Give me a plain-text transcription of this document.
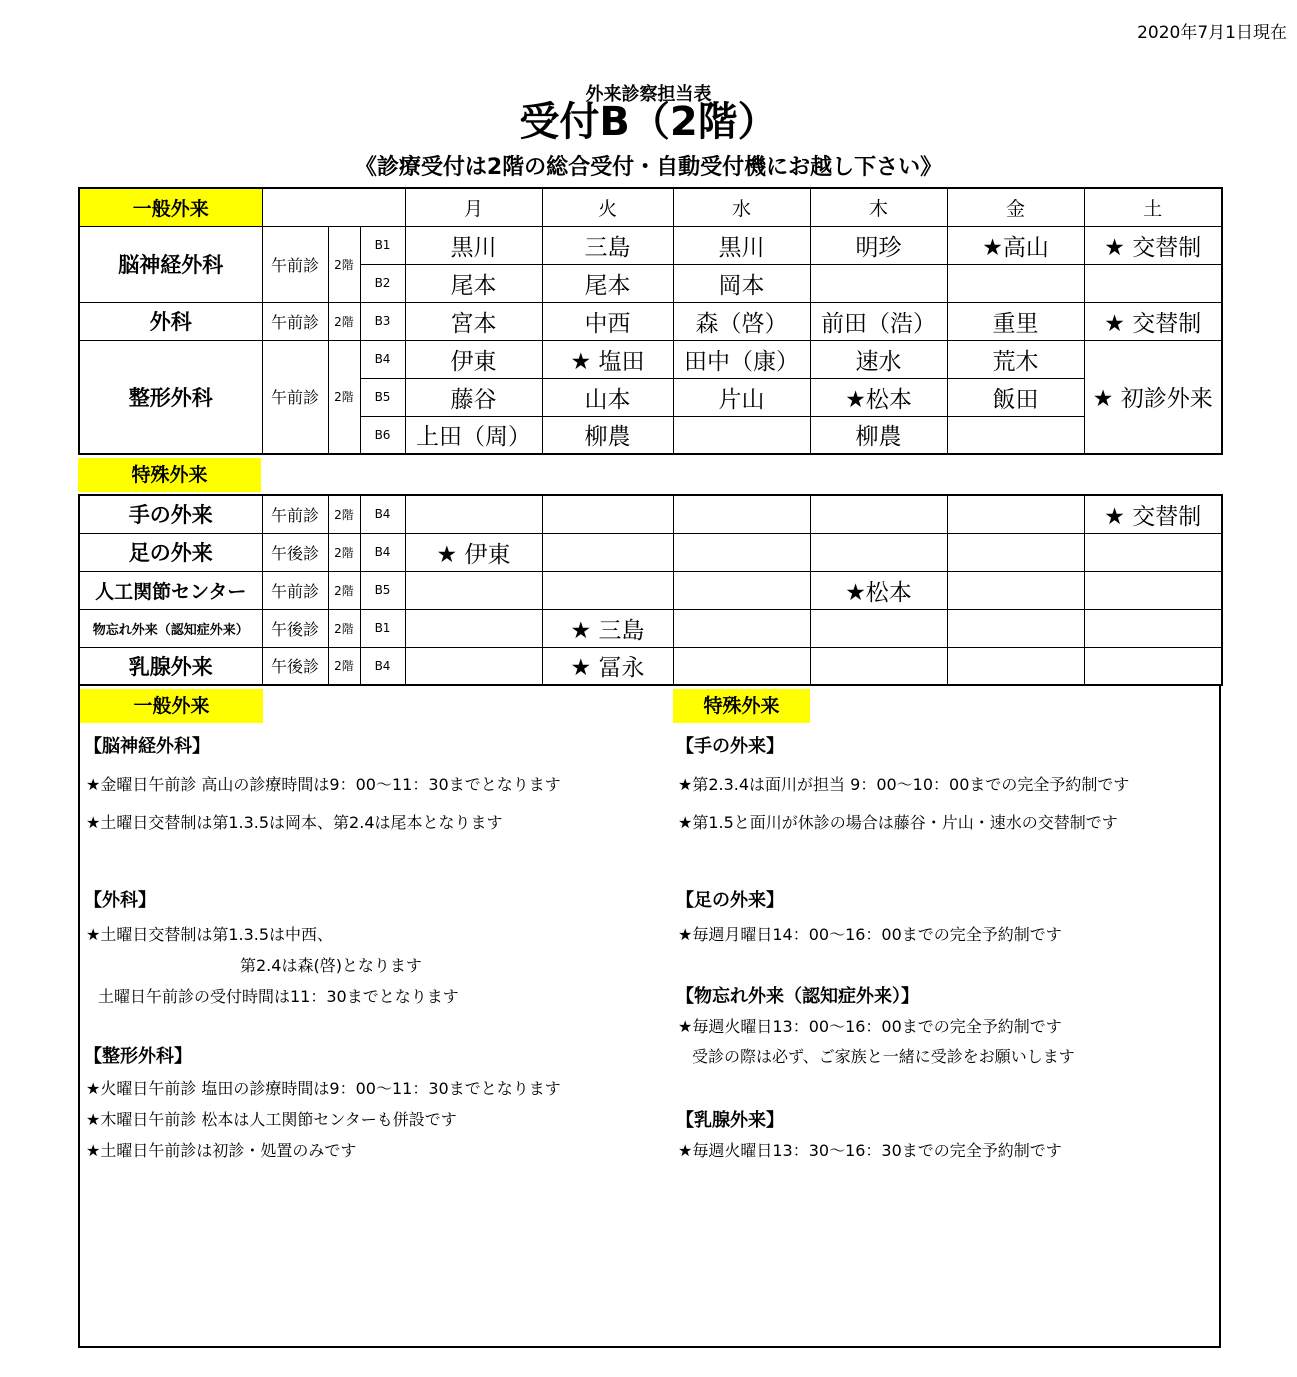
2020年7月1日現在
外来診察担当表
受付B（2階）
《診療受付は2階の総合受付・自動受付機にお越し下さい》
一般外来				月	火	水	木	金	土
脳神経外科	午前診	2階	B1	黒川	三島	黒川	明珍	★高山	★ 交替制
			B2	尾本	尾本	岡本			
外科	午前診	2階	B3	宮本	中西	森（啓）	前田（浩）	重里	★ 交替制
整形外科	午前診	2階	B4	伊東	★ 塩田	田中（康）	速水	荒木	★ 初診外来
			B5	藤谷	山本	片山	★松本	飯田	
			B6	上田（周）	柳農		柳農		
特殊外来
手の外来	午前診	2階	B4						★ 交替制
足の外来	午後診	2階	B4	★ 伊東					
人工関節センター	午前診	2階	B5				★松本		
物忘れ外来（認知症外来）	午後診	2階	B1		★ 三島				
乳腺外来	午後診	2階	B4		★ 冨永				
一般外来	特殊外来
【脳神経外科】
★金曜日午前診 高山の診療時間は9：00～11：30までとなります
★土曜日交替制は第1.3.5は岡本、第2.4は尾本となります
【外科】
★土曜日交替制は第1.3.5は中西、
第2.4は森(啓)となります
土曜日午前診の受付時間は11：30までとなります
【整形外科】
★火曜日午前診 塩田の診療時間は9：00～11：30までとなります
★木曜日午前診 松本は人工関節センターも併設です
★土曜日午前診は初診・処置のみです
【手の外来】
★第2.3.4は面川が担当 9：00～10：00までの完全予約制です
★第1.5と面川が休診の場合は藤谷・片山・速水の交替制です
【足の外来】
★毎週月曜日14：00～16：00までの完全予約制です
【物忘れ外来（認知症外来）】
★毎週火曜日13：00～16：00までの完全予約制です
受診の際は必ず、ご家族と一緒に受診をお願いします
【乳腺外来】
★毎週火曜日13：30～16：30までの完全予約制です
